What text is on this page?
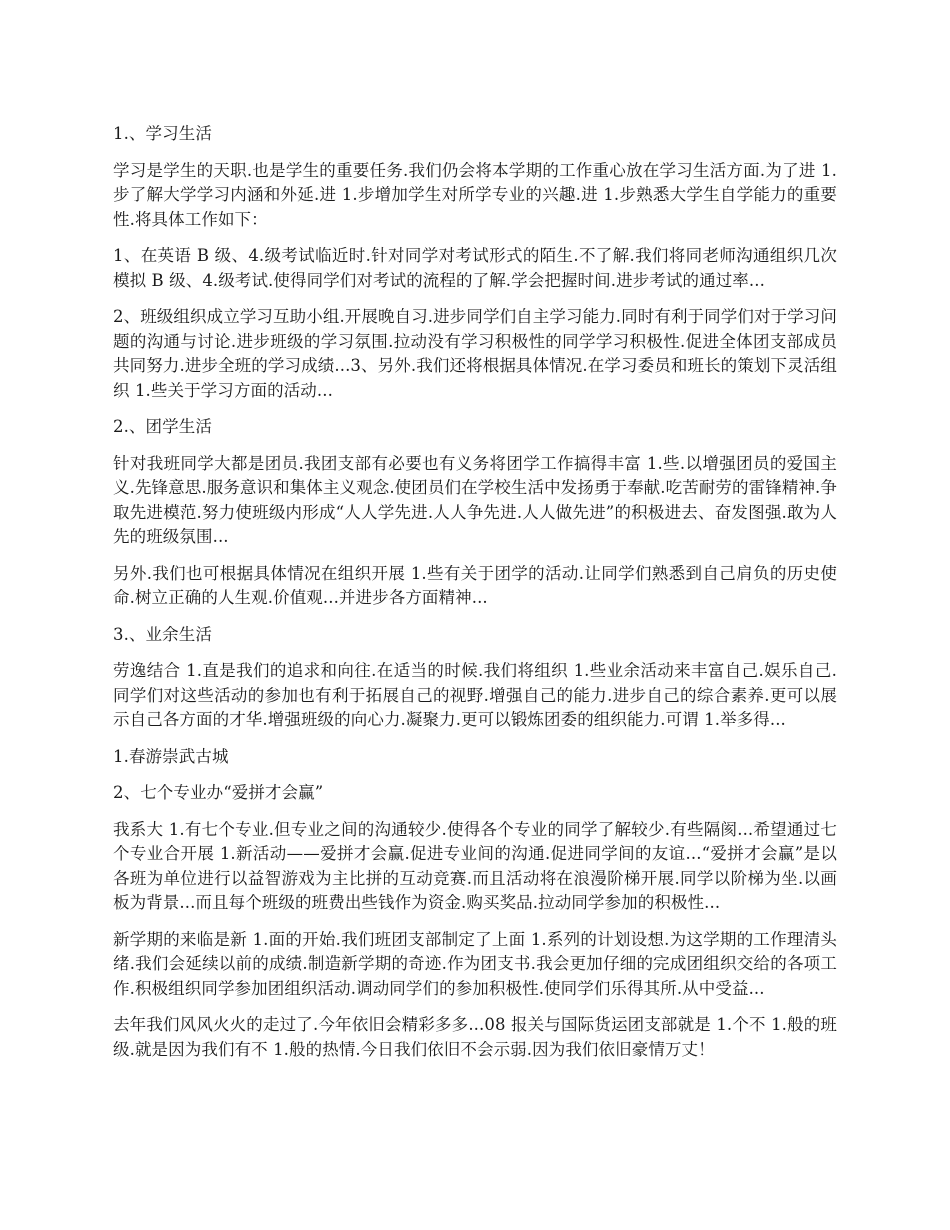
1.、学习生活

学习是学生的天职.也是学生的重要任务.我们仍会将本学期的工作重心放在学习生活方面.为了进 1.步了解大学学习内涵和外延.进 1.步增加学生对所学专业的兴趣.进 1.步熟悉大学生自学能力的重要性.将具体工作如下：

1、在英语 B 级、4.级考试临近时.针对同学对考试形式的陌生.不了解.我们将同老师沟通组织几次模拟 B 级、4.级考试.使得同学们对考试的流程的了解.学会把握时间.进步考试的通过率...

2、班级组织成立学习互助小组.开展晚自习.进步同学们自主学习能力.同时有利于同学们对于学习问题的沟通与讨论.进步班级的学习氛围.拉动没有学习积极性的同学学习积极性.促进全体团支部成员共同努力.进步全班的学习成绩...3、另外.我们还将根据具体情况.在学习委员和班长的策划下灵活组织 1.些关于学习方面的活动...

2.、团学生活

针对我班同学大都是团员.我团支部有必要也有义务将团学工作搞得丰富 1.些.以增强团员的爱国主义.先锋意思.服务意识和集体主义观念.使团员们在学校生活中发扬勇于奉献.吃苦耐劳的雷锋精神.争取先进模范.努力使班级内形成“人人学先进.人人争先进.人人做先进”的积极进去、奋发图强.敢为人先的班级氛围...

另外.我们也可根据具体情况在组织开展 1.些有关于团学的活动.让同学们熟悉到自己肩负的历史使命.树立正确的人生观.价值观...并进步各方面精神...

3.、业余生活

劳逸结合 1.直是我们的追求和向往.在适当的时候.我们将组织 1.些业余活动来丰富自己.娱乐自己.同学们对这些活动的参加也有利于拓展自己的视野.增强自己的能力.进步自己的综合素养.更可以展示自己各方面的才华.增强班级的向心力.凝聚力.更可以锻炼团委的组织能力.可谓 1.举多得...

1.春游崇武古城

2、七个专业办“爱拼才会赢”

我系大 1.有七个专业.但专业之间的沟通较少.使得各个专业的同学了解较少.有些隔阂...希望通过七个专业合开展 1.新活动——爱拼才会赢.促进专业间的沟通.促进同学间的友谊...“爱拼才会赢”是以各班为单位进行以益智游戏为主比拼的互动竞赛.而且活动将在浪漫阶梯开展.同学以阶梯为坐.以画板为背景...而且每个班级的班费出些钱作为资金.购买奖品.拉动同学参加的积极性...

新学期的来临是新 1.面的开始.我们班团支部制定了上面 1.系列的计划设想.为这学期的工作理清头绪.我们会延续以前的成绩.制造新学期的奇迹.作为团支书.我会更加仔细的完成团组织交给的各项工作.积极组织同学参加团组织活动.调动同学们的参加积极性.使同学们乐得其所.从中受益...

去年我们风风火火的走过了.今年依旧会精彩多多...08 报关与国际货运团支部就是 1.个不 1.般的班级.就是因为我们有不 1.般的热情.今日我们依旧不会示弱.因为我们依旧豪情万丈！
